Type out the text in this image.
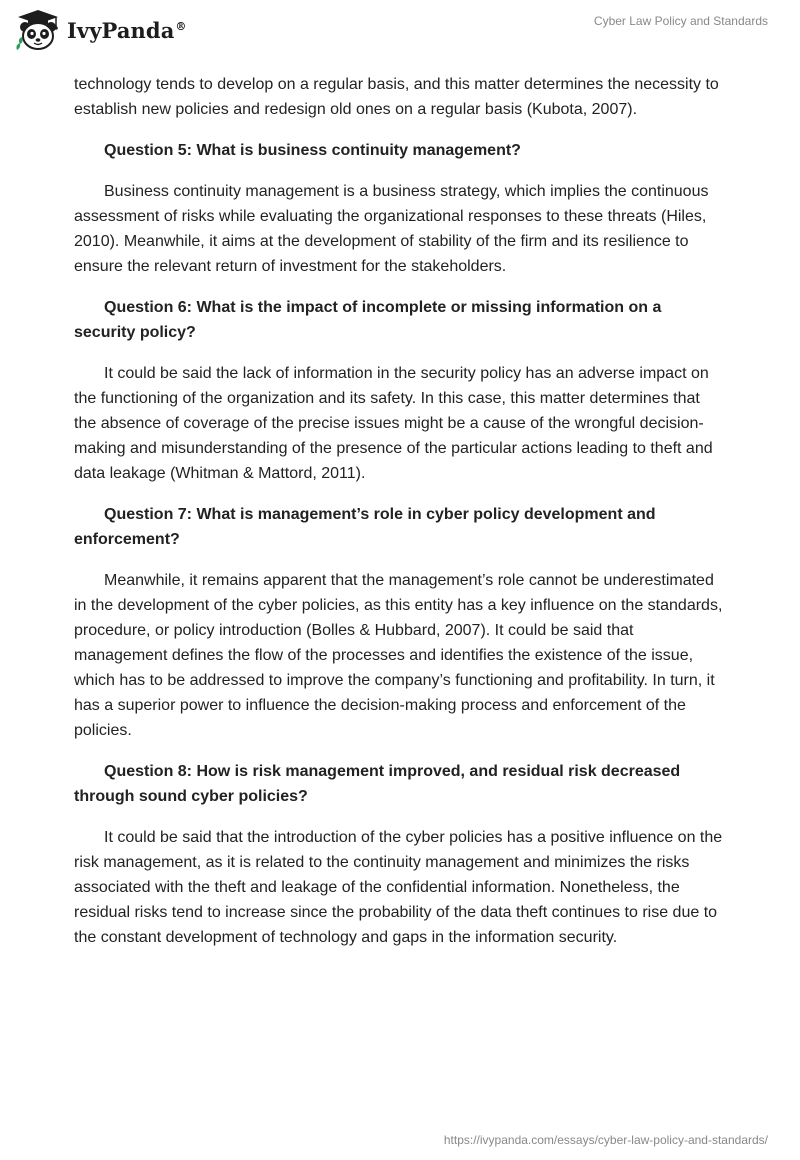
IvyPanda®	Cyber Law Policy and Standards

technology tends to develop on a regular basis, and this matter determines the necessity to establish new policies and redesign old ones on a regular basis (Kubota, 2007).

Question 5: What is business continuity management?

Business continuity management is a business strategy, which implies the continuous assessment of risks while evaluating the organizational responses to these threats (Hiles, 2010). Meanwhile, it aims at the development of stability of the firm and its resilience to ensure the relevant return of investment for the stakeholders.

Question 6: What is the impact of incomplete or missing information on a security policy?

It could be said the lack of information in the security policy has an adverse impact on the functioning of the organization and its safety. In this case, this matter determines that the absence of coverage of the precise issues might be a cause of the wrongful decision-making and misunderstanding of the presence of the particular actions leading to theft and data leakage (Whitman & Mattord, 2011).

Question 7: What is management’s role in cyber policy development and enforcement?

Meanwhile, it remains apparent that the management’s role cannot be underestimated in the development of the cyber policies, as this entity has a key influence on the standards, procedure, or policy introduction (Bolles & Hubbard, 2007). It could be said that management defines the flow of the processes and identifies the existence of the issue, which has to be addressed to improve the company’s functioning and profitability. In turn, it has a superior power to influence the decision-making process and enforcement of the policies.

Question 8: How is risk management improved, and residual risk decreased through sound cyber policies?

It could be said that the introduction of the cyber policies has a positive influence on the risk management, as it is related to the continuity management and minimizes the risks associated with the theft and leakage of the confidential information. Nonetheless, the residual risks tend to increase since the probability of the data theft continues to rise due to the constant development of technology and gaps in the information security.

https://ivypanda.com/essays/cyber-law-policy-and-standards/
